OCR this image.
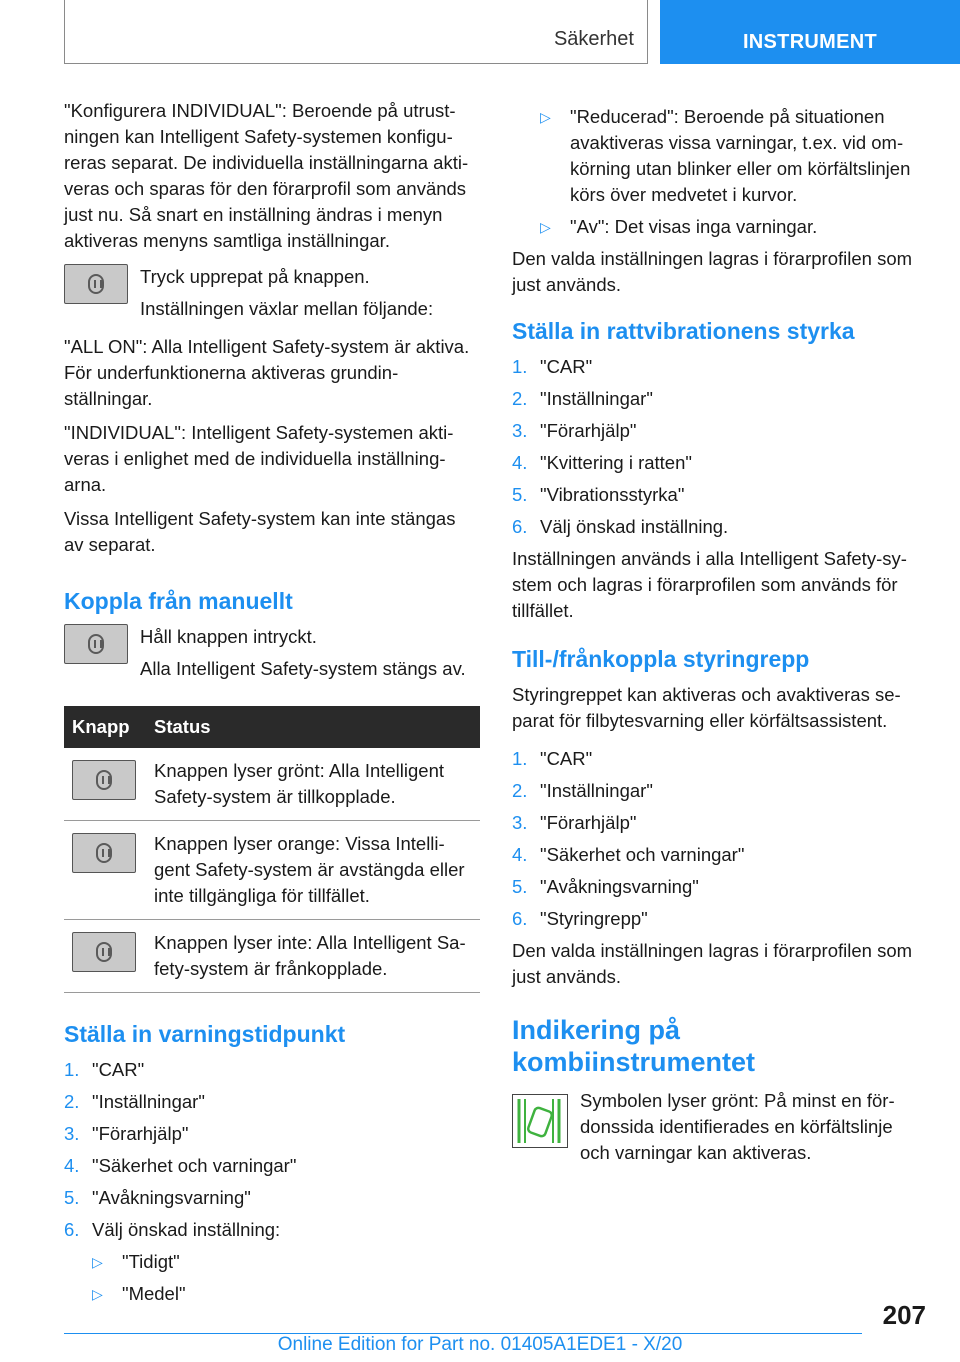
Säkerhet	INSTRUMENT

"Konfigurera INDIVIDUAL": Beroende på utrustningen kan Intelligent Safety-systemen konfigureras separat. De individuella inställningarna aktiveras och sparas för den förarprofil som används just nu. Så snart en inställning ändras i menyn aktiveras menyns samtliga inställningar.

Tryck upprepat på knappen.

Inställningen växlar mellan följande:

"ALL ON": Alla Intelligent Safety-system är aktiva. För underfunktionerna aktiveras grundinställningar.

"INDIVIDUAL": Intelligent Safety-systemen aktiveras i enlighet med de individuella inställningarna.

Vissa Intelligent Safety-system kan inte stängas av separat.

Koppla från manuellt

Håll knappen intryckt.

Alla Intelligent Safety-system stängs av.

Knapp	Status

	Knappen lyser grönt: Alla Intelligent Safety-system är tillkopplade.

	Knappen lyser orange: Vissa Intelligent Safety-system är avstängda eller inte tillgängliga för tillfället.

	Knappen lyser inte: Alla Intelligent Safety-system är frånkopplade.
Ställa in varningstidpunkt
1. "CAR"
2. "Inställningar"
3. "Förarhjälp"
4. "Säkerhet och varningar"
5. "Avåkningsvarning"
6. Välj önskad inställning:
▷	"Tidigt"
▷	"Medel"
▷	"Reducerad": Beroende på situationen avaktiveras vissa varningar, t.ex. vid omkörning utan blinker eller om körfältslinjen körs över medvetet i kurvor.
▷	"Av": Det visas inga varningar.

Den valda inställningen lagras i förarprofilen som just används.

Ställa in rattvibrationens styrka
1. "CAR"
2. "Inställningar"
3. "Förarhjälp"
4. "Kvittering i ratten"
5. "Vibrationsstyrka"
6. Välj önskad inställning.

Inställningen används i alla Intelligent Safety-system och lagras i förarprofilen som används för tillfället.

Till-/frånkoppla styringrepp

Styringreppet kan aktiveras och avaktiveras separat för filbytesvarning eller körfältsassistent.

1. "CAR"
2. "Inställningar"
3. "Förarhjälp"
4. "Säkerhet och varningar"
5. "Avåkningsvarning"
6. "Styringrepp"

Den valda inställningen lagras i förarprofilen som just används.

Indikering på kombiinstrumentet

Symbolen lyser grönt: På minst en fördonssida identifierades en körfältslinje och varningar kan aktiveras.

207
Online Edition for Part no. 01405A1EDE1 - X/20
